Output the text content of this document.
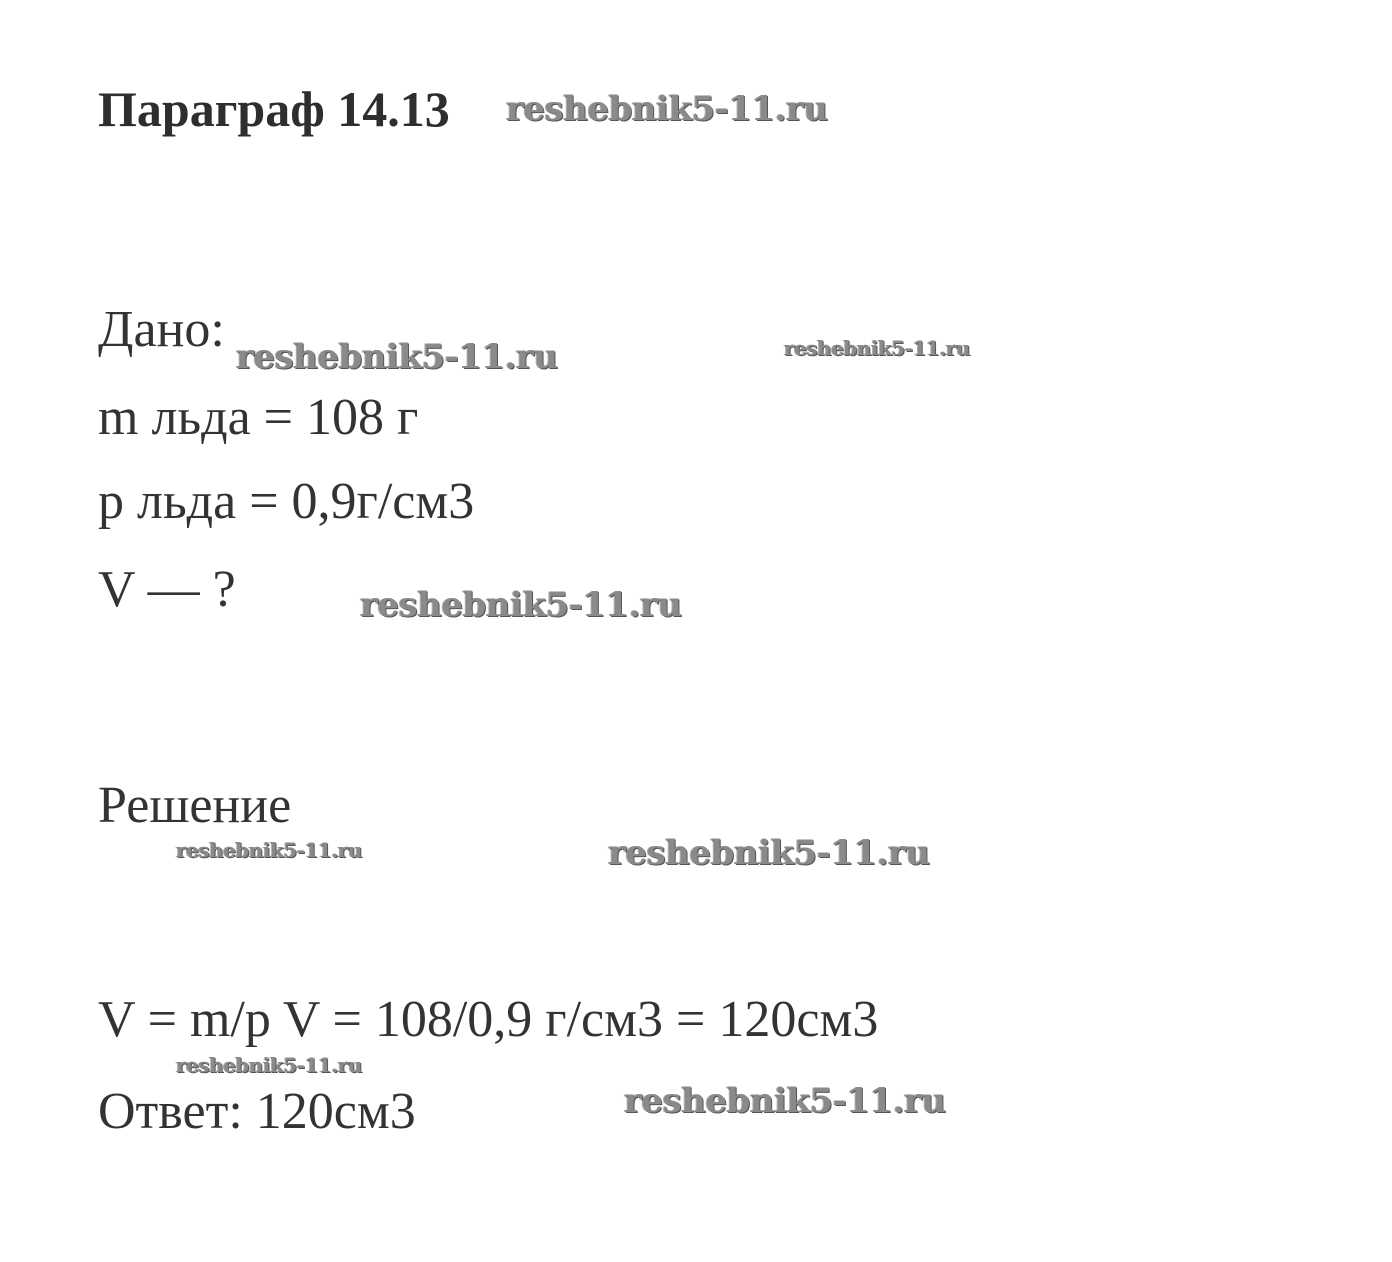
Параграф 14.13 reshebnik5-11.ru

Дано: reshebnik5-11.ru	reshebnik5-11.ru

m льда = 108 г

p льда = 0,9г/см3

V — ?	reshebnik5-11.ru

Решение

reshebnik5-11.ru	reshebnik5-11.ru

V = m/p V = 108/0,9 г/см3 = 120см3

reshebnik5-11.ru

Ответ: 120см3	reshebnik5-11.ru
